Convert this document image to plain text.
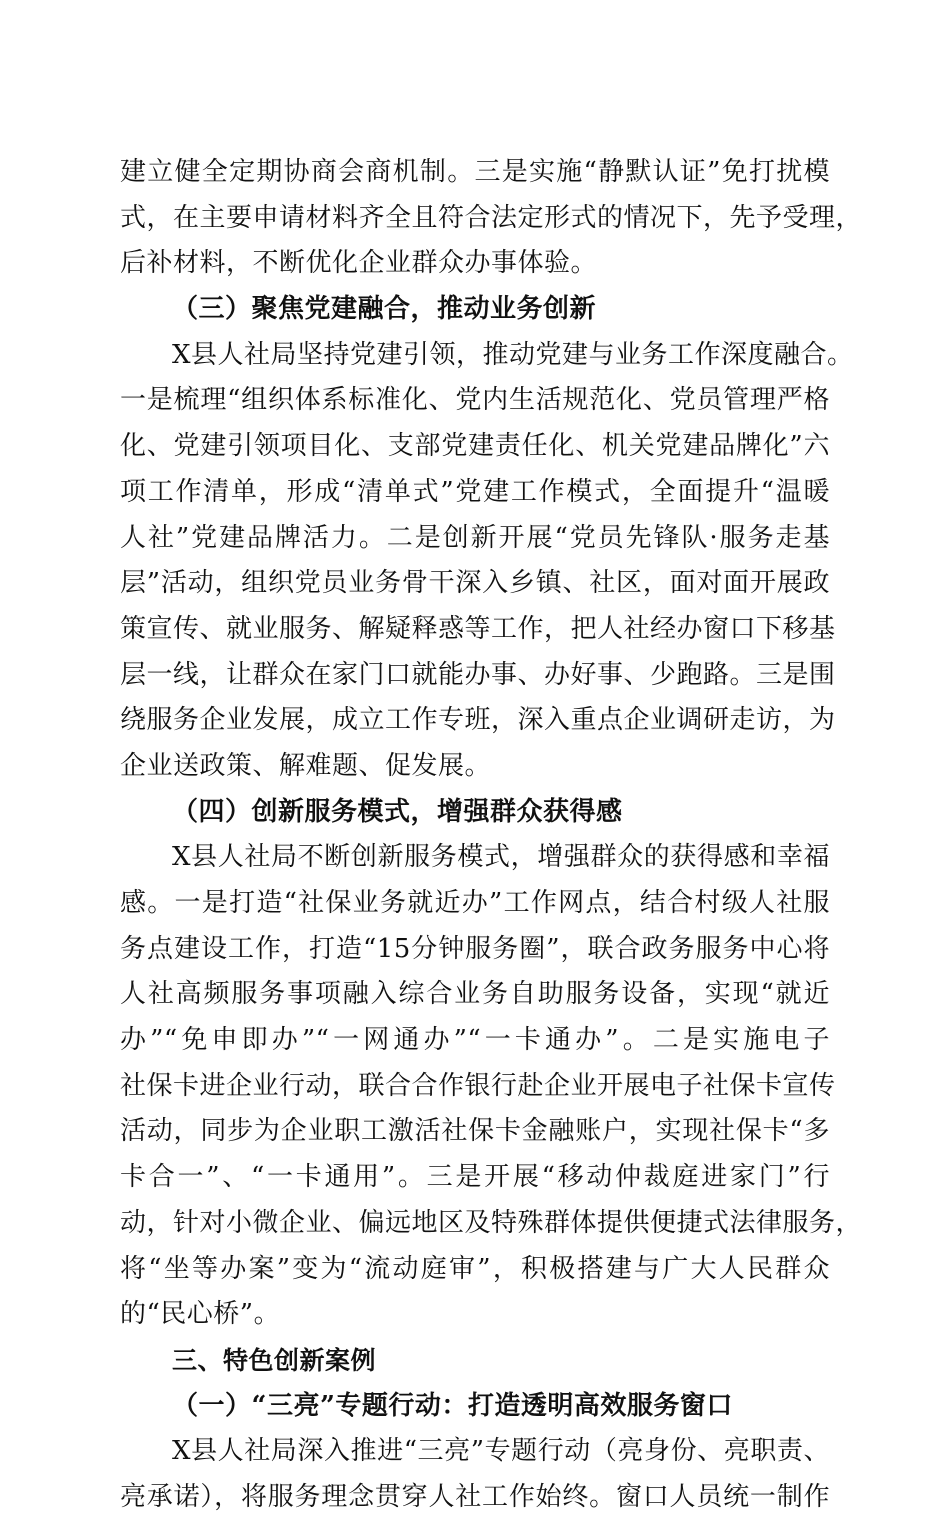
建立健全定期协商会商机制。三是实施“静默认证”免打扰模
式，在主要申请材料齐全且符合法定形式的情况下，先予受理，
后补材料，不断优化企业群众办事体验。
（三）聚焦党建融合，推动业务创新
X县人社局坚持党建引领，推动党建与业务工作深度融合。
一是梳理“组织体系标准化、党内生活规范化、党员管理严格
化、党建引领项目化、支部党建责任化、机关党建品牌化”六
项工作清单，形成“清单式”党建工作模式，全面提升“温暖
人社”党建品牌活力。二是创新开展“党员先锋队·服务走基
层”活动，组织党员业务骨干深入乡镇、社区，面对面开展政
策宣传、就业服务、解疑释惑等工作，把人社经办窗口下移基
层一线，让群众在家门口就能办事、办好事、少跑路。三是围
绕服务企业发展，成立工作专班，深入重点企业调研走访，为
企业送政策、解难题、促发展。
（四）创新服务模式，增强群众获得感
X县人社局不断创新服务模式，增强群众的获得感和幸福
感。一是打造“社保业务就近办”工作网点，结合村级人社服
务点建设工作，打造“15分钟服务圈”，联合政务服务中心将
人社高频服务事项融入综合业务自助服务设备，实现“就近
办”“免申即办”“一网通办”“一卡通办”。二是实施电子
社保卡进企业行动，联合合作银行赴企业开展电子社保卡宣传
活动，同步为企业职工激活社保卡金融账户，实现社保卡“多
卡合一”、“一卡通用”。三是开展“移动仲裁庭进家门”行
动，针对小微企业、偏远地区及特殊群体提供便捷式法律服务，
将“坐等办案”变为“流动庭审”，积极搭建与广大人民群众
的“民心桥”。
三、特色创新案例
（一）“三亮”专题行动：打造透明高效服务窗口
X县人社局深入推进“三亮”专题行动（亮身份、亮职责、
亮承诺），将服务理念贯穿人社工作始终。窗口人员统一制作
